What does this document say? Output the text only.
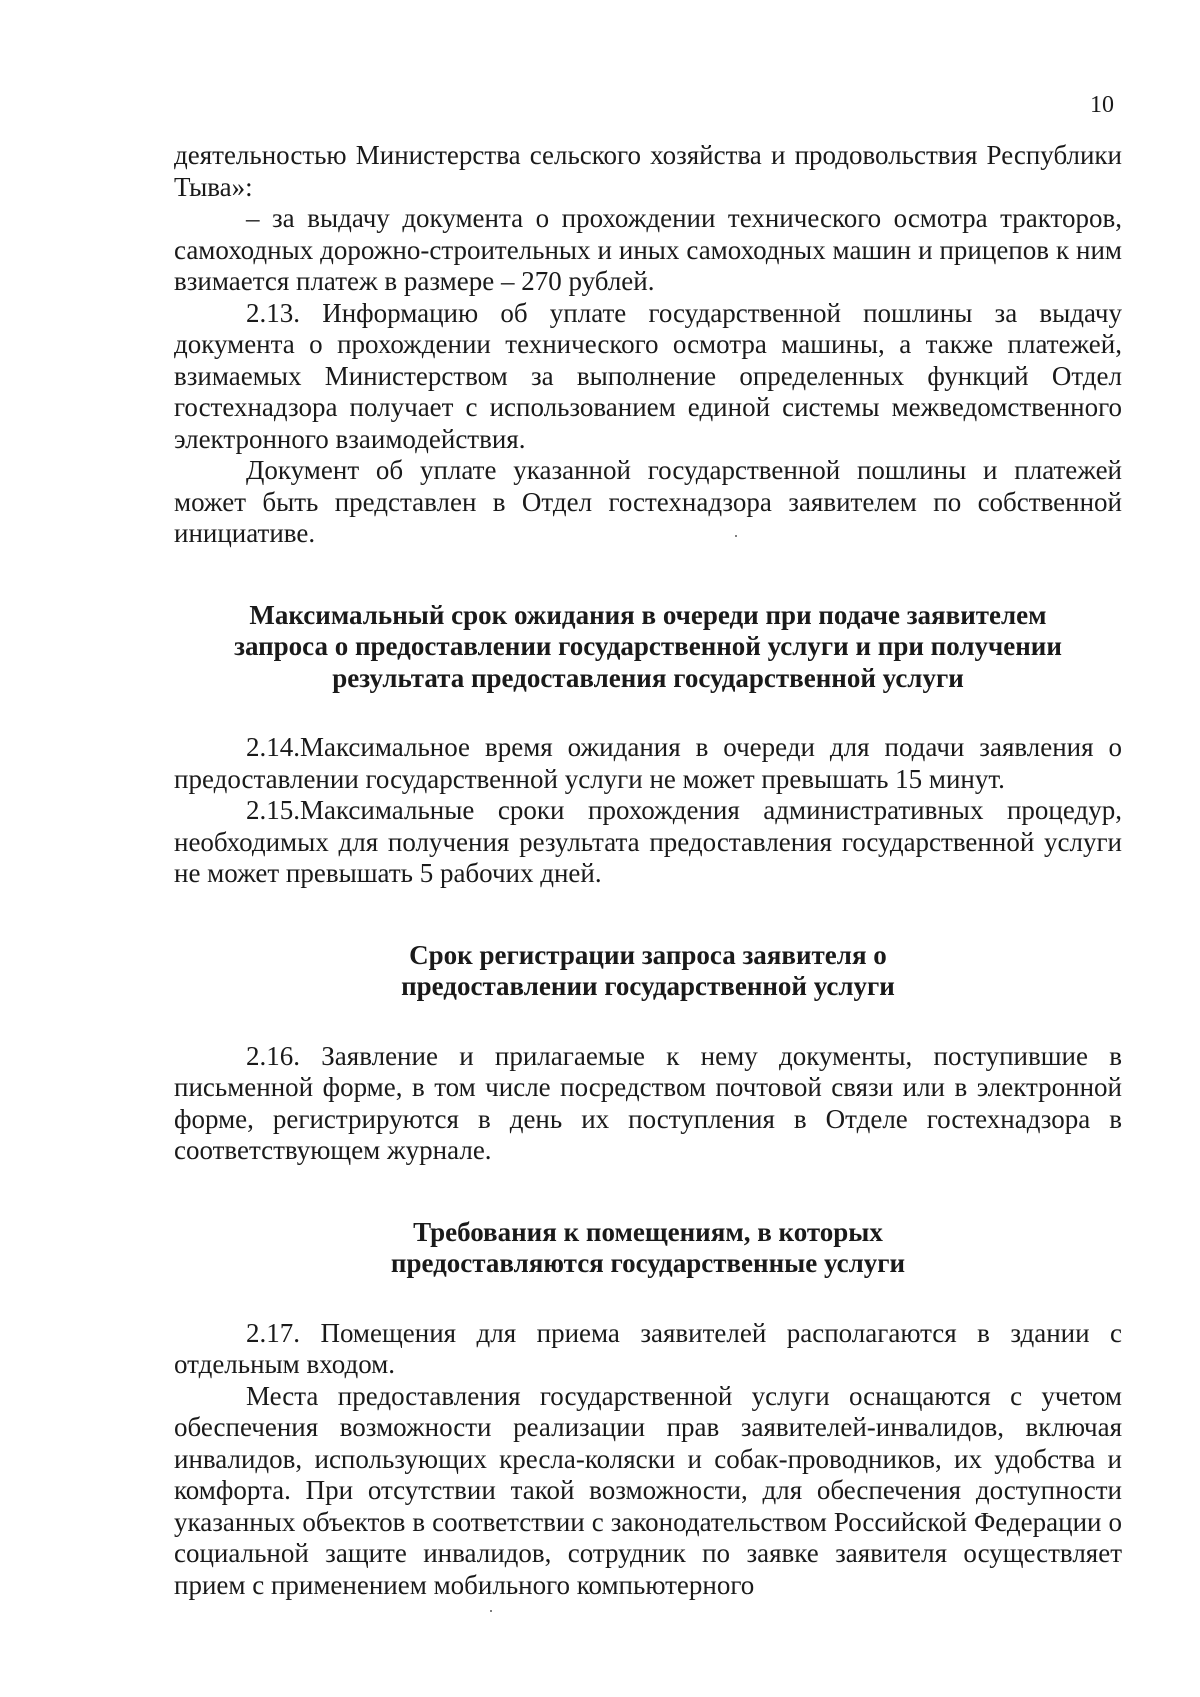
10

деятельностью Министерства сельского хозяйства и продовольствия Республики Тыва»:

– за выдачу документа о прохождении технического осмотра тракторов, самоходных дорожно-строительных и иных самоходных машин и прицепов к ним взимается платеж в размере – 270 рублей.

2.13. Информацию об уплате государственной пошлины за выдачу документа о прохождении технического осмотра машины, а также платежей, взимаемых Министерством за выполнение определенных функций Отдел гостехнадзора получает с использованием единой системы межведомственного электронного взаимодействия.

Документ об уплате указанной государственной пошлины и платежей может быть представлен в Отдел гостехнадзора заявителем по собственной инициативе.

Максимальный срок ожидания в очереди при подаче заявителем запроса о предоставлении государственной услуги и при получении результата предоставления государственной услуги

2.14.Максимальное время ожидания в очереди для подачи заявления о предоставлении государственной услуги не может превышать 15 минут.

2.15.Максимальные сроки прохождения административных процедур, необходимых для получения результата предоставления государственной услуги не может превышать 5 рабочих дней.

Срок регистрации запроса заявителя о предоставлении государственной услуги

2.16. Заявление и прилагаемые к нему документы, поступившие в письменной форме, в том числе посредством почтовой связи или в электронной форме, регистрируются в день их поступления в Отделе гостехнадзора в соответствующем журнале.

Требования к помещениям, в которых предоставляются государственные услуги

2.17. Помещения для приема заявителей располагаются в здании с отдельным входом.

Места предоставления государственной услуги оснащаются с учетом обеспечения возможности реализации прав заявителей-инвалидов, включая инвалидов, использующих кресла-коляски и собак-проводников, их удобства и комфорта. При отсутствии такой возможности, для обеспечения доступности указанных объектов в соответствии с законодательством Российской Федерации о социальной защите инвалидов, сотрудник по заявке заявителя осуществляет прием с применением мобильного компьютерного
